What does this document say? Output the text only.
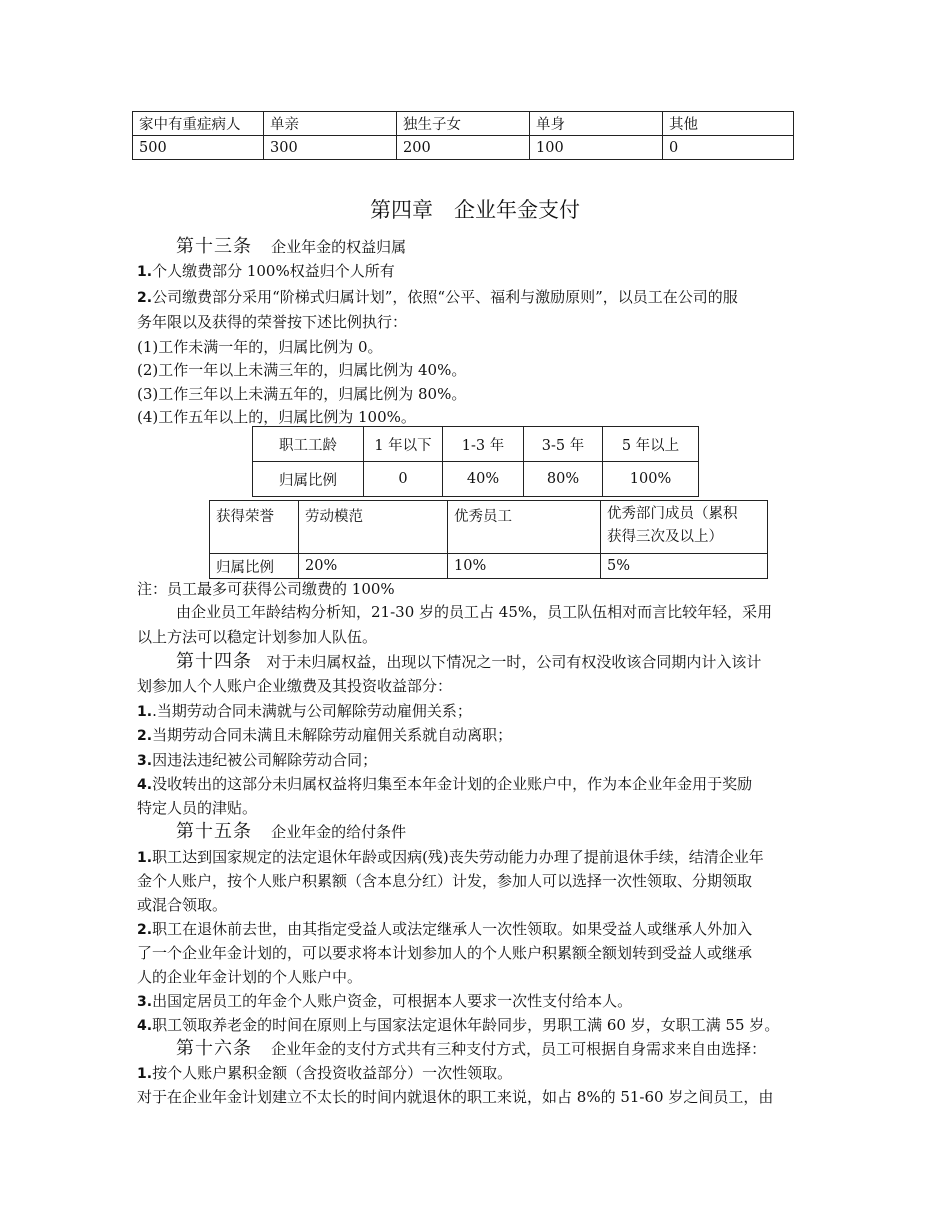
家中有重症病人	单亲	独生子女	单身	其他
500	300	200	100	0
第四章　企业年金支付
第十三条 企业年金的权益归属
1.个人缴费部分 100%权益归个人所有
2.公司缴费部分采用“阶梯式归属计划”，依照“公平、福利与激励原则”，以员工在公司的服
务年限以及获得的荣誉按下述比例执行：
(1)工作未满一年的，归属比例为 0。
(2)工作一年以上未满三年的，归属比例为 40%。
(3)工作三年以上未满五年的，归属比例为 80%。
(4)工作五年以上的，归属比例为 100%。
职工工龄	1 年以下	1-3 年	3-5 年	5 年以上
归属比例	0	40%	80%	100%
获得荣誉	劳动模范	优秀员工	优秀部门成员（累积
获得三次及以上）

归属比例	20%	10%	5%
注：员工最多可获得公司缴费的 100%
由企业员工年龄结构分析知，21-30 岁的员工占 45%，员工队伍相对而言比较年轻，采用
以上方法可以稳定计划参加人队伍。
第十四条 对于未归属权益，出现以下情况之一时，公司有权没收该合同期内计入该计
划参加人个人账户企业缴费及其投资收益部分：
1..当期劳动合同未满就与公司解除劳动雇佣关系；
2.当期劳动合同未满且未解除劳动雇佣关系就自动离职；
3.因违法违纪被公司解除劳动合同；
4.没收转出的这部分未归属权益将归集至本年金计划的企业账户中，作为本企业年金用于奖励
特定人员的津贴。
第十五条 企业年金的给付条件
1.职工达到国家规定的法定退休年龄或因病(残)丧失劳动能力办理了提前退休手续，结清企业年
金个人账户，按个人账户积累额（含本息分红）计发，参加人可以选择一次性领取、分期领取
或混合领取。
2.职工在退休前去世，由其指定受益人或法定继承人一次性领取。如果受益人或继承人外加入
了一个企业年金计划的，可以要求将本计划参加人的个人账户积累额全额划转到受益人或继承
人的企业年金计划的个人账户中。
3.出国定居员工的年金个人账户资金，可根据本人要求一次性支付给本人。
4.职工领取养老金的时间在原则上与国家法定退休年龄同步，男职工满 60 岁，女职工满 55 岁。
第十六条 企业年金的支付方式共有三种支付方式，员工可根据自身需求来自由选择：
1.按个人账户累积金额（含投资收益部分）一次性领取。
对于在企业年金计划建立不太长的时间内就退休的职工来说，如占 8%的 51-60 岁之间员工，由
